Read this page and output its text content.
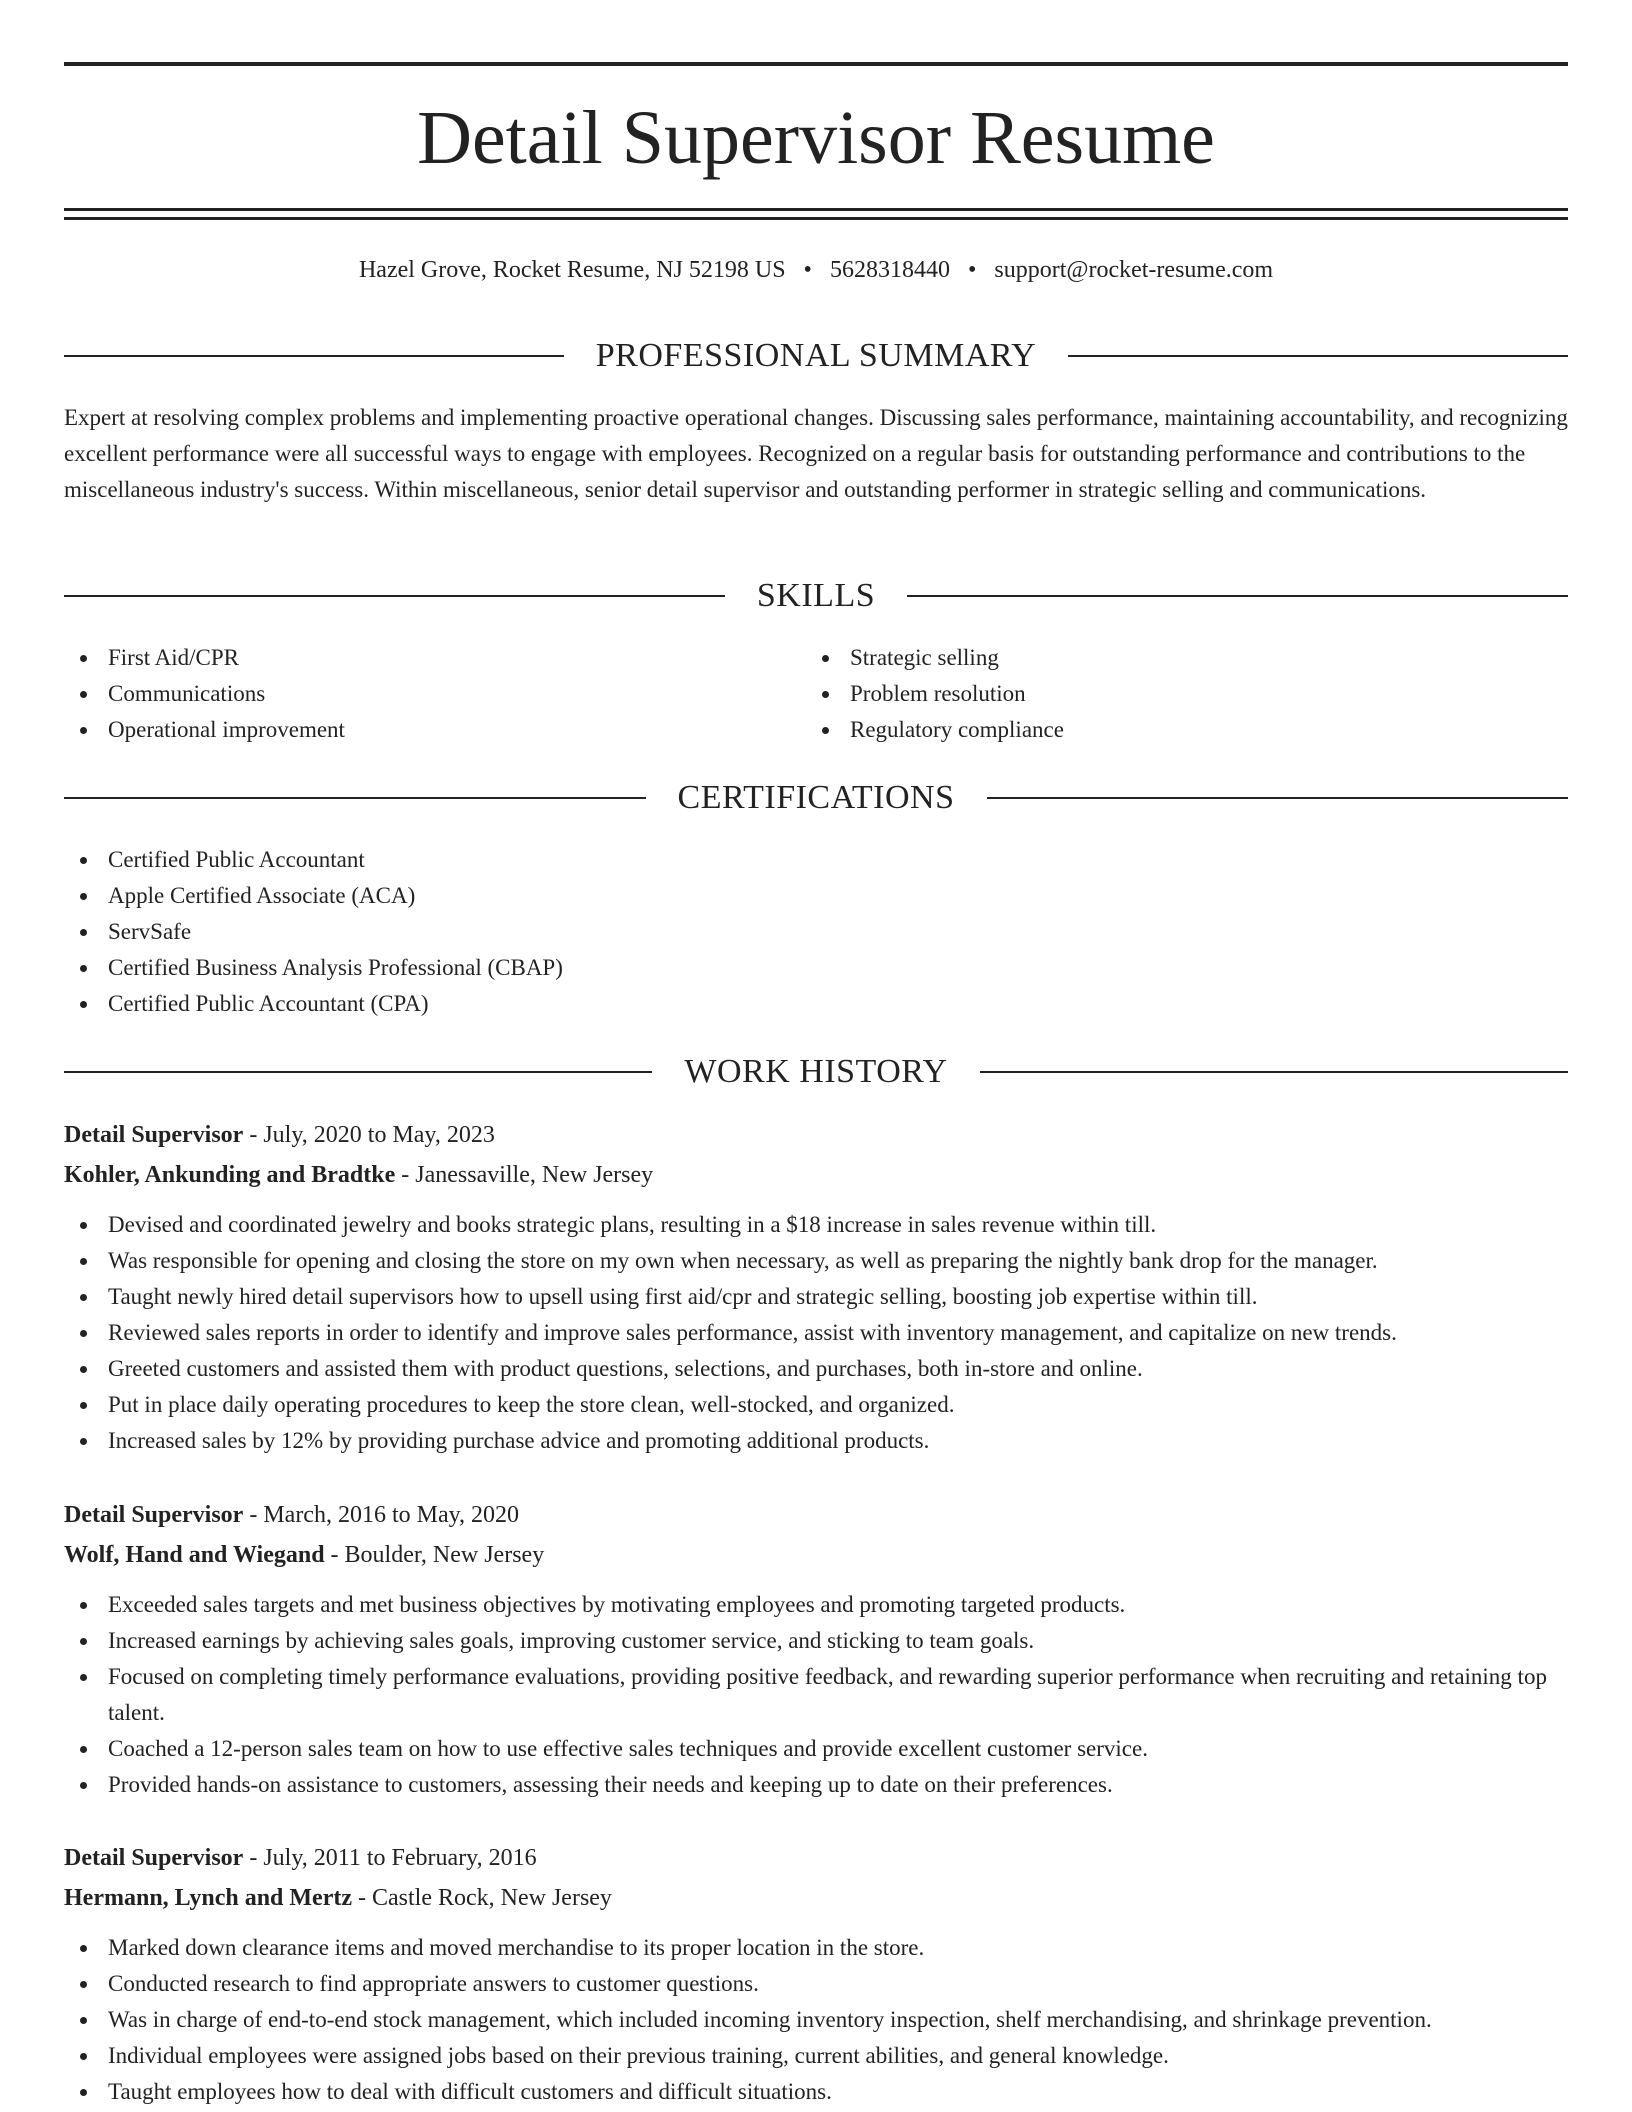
Detail Supervisor Resume
Hazel Grove, Rocket Resume, NJ 52198 US • 5628318440 • support@rocket-resume.com
PROFESSIONAL SUMMARY

Expert at resolving complex problems and implementing proactive operational changes. Discussing sales performance, maintaining accountability, and recognizing excellent performance were all successful ways to engage with employees. Recognized on a regular basis for outstanding performance and contributions to the miscellaneous industry's success. Within miscellaneous, senior detail supervisor and outstanding performer in strategic selling and communications.

SKILLS
First Aid/CPR
Communications
Operational improvement
Strategic selling
Problem resolution
Regulatory compliance
CERTIFICATIONS
Certified Public Accountant
Apple Certified Associate (ACA)
ServSafe
Certified Business Analysis Professional (CBAP)
Certified Public Accountant (CPA)
WORK HISTORY
Detail Supervisor - July, 2020 to May, 2023
Kohler, Ankunding and Bradtke - Janessaville, New Jersey
Devised and coordinated jewelry and books strategic plans, resulting in a $18 increase in sales revenue within till.
Was responsible for opening and closing the store on my own when necessary, as well as preparing the nightly bank drop for the manager.
Taught newly hired detail supervisors how to upsell using first aid/cpr and strategic selling, boosting job expertise within till.
Reviewed sales reports in order to identify and improve sales performance, assist with inventory management, and capitalize on new trends.
Greeted customers and assisted them with product questions, selections, and purchases, both in-store and online.
Put in place daily operating procedures to keep the store clean, well-stocked, and organized.
Increased sales by 12% by providing purchase advice and promoting additional products.
Detail Supervisor - March, 2016 to May, 2020
Wolf, Hand and Wiegand - Boulder, New Jersey
Exceeded sales targets and met business objectives by motivating employees and promoting targeted products.
Increased earnings by achieving sales goals, improving customer service, and sticking to team goals.
Focused on completing timely performance evaluations, providing positive feedback, and rewarding superior performance when recruiting and retaining top talent.
Coached a 12-person sales team on how to use effective sales techniques and provide excellent customer service.
Provided hands-on assistance to customers, assessing their needs and keeping up to date on their preferences.
Detail Supervisor - July, 2011 to February, 2016
Hermann, Lynch and Mertz - Castle Rock, New Jersey
Marked down clearance items and moved merchandise to its proper location in the store.
Conducted research to find appropriate answers to customer questions.
Was in charge of end-to-end stock management, which included incoming inventory inspection, shelf merchandising, and shrinkage prevention.
Individual employees were assigned jobs based on their previous training, current abilities, and general knowledge.
Taught employees how to deal with difficult customers and difficult situations.
